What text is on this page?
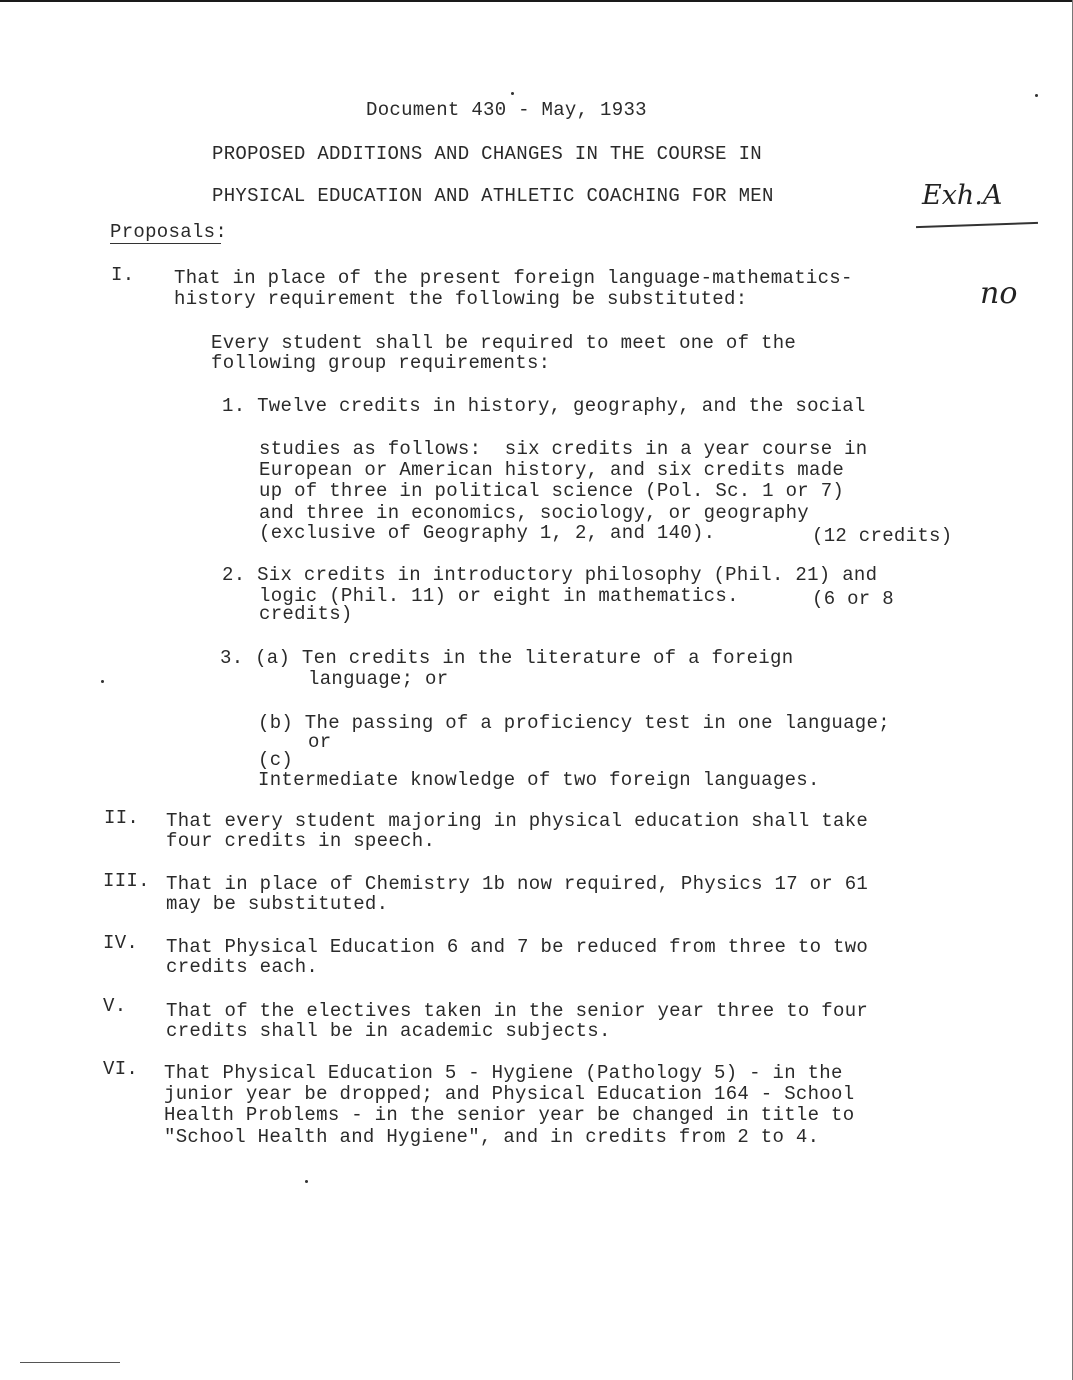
Document 430 - May, 1933
PROPOSED ADDITIONS AND CHANGES IN THE COURSE IN
PHYSICAL EDUCATION AND ATHLETIC COACHING FOR MEN
Proposals:
Exh.A
no
I. That in place of the present foreign language-mathematics-
history requirement the following be substituted:
Every student shall be required to meet one of the
following group requirements:
1. Twelve credits in history, geography, and the social
studies as follows:  six credits in a year course in
European or American history, and six credits made
up of three in political science (Pol. Sc. 1 or 7)
and three in economics, sociology, or geography
(exclusive of Geography 1, 2, and 140).	(12 credits)
2. Six credits in introductory philosophy (Phil. 21) and
logic (Phil. 11) or eight in mathematics.	(6 or 8
credits)
3. (a) Ten credits in the literature of a foreign
language; or
(b) The passing of a proficiency test in one language;
or
(c)
Intermediate knowledge of two foreign languages.
II. That every student majoring in physical education shall take
four credits in speech.
III. That in place of Chemistry 1b now required, Physics 17 or 61
may be substituted.
IV. That Physical Education 6 and 7 be reduced from three to two
credits each.
V. That of the electives taken in the senior year three to four
credits shall be in academic subjects.
VI. That Physical Education 5 - Hygiene (Pathology 5) - in the
junior year be dropped; and Physical Education 164 - School
Health Problems - in the senior year be changed in title to
"School Health and Hygiene", and in credits from 2 to 4.
